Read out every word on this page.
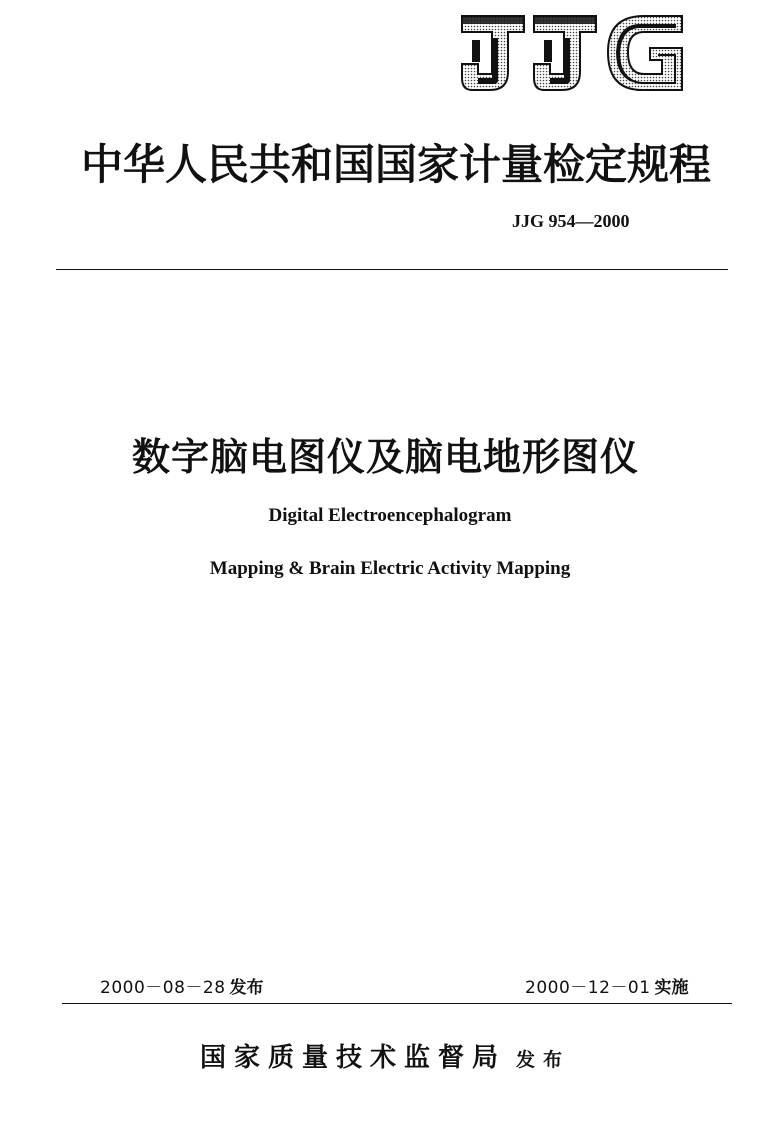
中华人民共和国国家计量检定规程
JJG 954—2000
数字脑电图仪及脑电地形图仪
Digital Electroencephalogram
Mapping & Brain Electric Activity Mapping
2000－08－28 发布	2000－12－01 实施
国家质量技术监督局 发布
